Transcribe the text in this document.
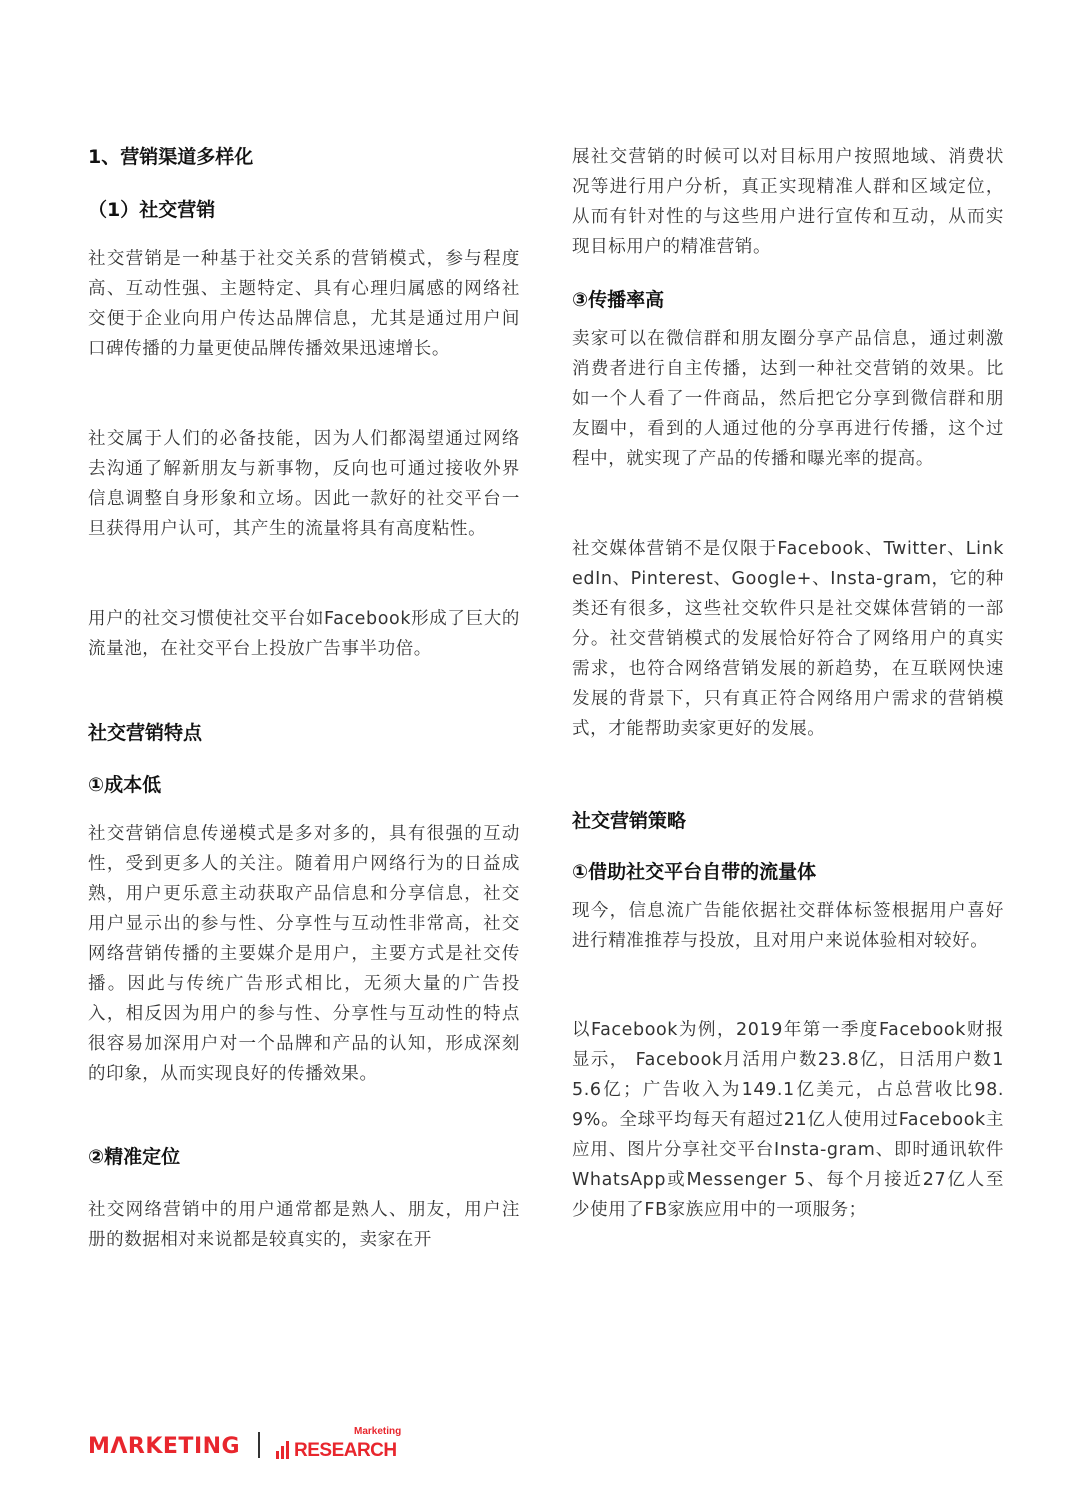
1、营销渠道多样化
（1）社交营销

社交营销是一种基于社交关系的营销模式，参与程度高、互动性强、主题特定、具有心理归属感的网络社交便于企业向用户传达品牌信息，尤其是通过用户间口碑传播的力量更使品牌传播效果迅速增长。

社交属于人们的必备技能，因为人们都渴望通过网络去沟通了解新朋友与新事物，反向也可通过接收外界信息调整自身形象和立场。因此一款好的社交平台一旦获得用户认可，其产生的流量将具有高度粘性。

用户的社交习惯使社交平台如Facebook形成了巨大的流量池，在社交平台上投放广告事半功倍。

社交营销特点
①成本低

社交营销信息传递模式是多对多的，具有很强的互动性，受到更多人的关注。随着用户网络行为的日益成熟，用户更乐意主动获取产品信息和分享信息，社交用户显示出的参与性、分享性与互动性非常高，社交网络营销传播的主要媒介是用户，主要方式是社交传播。因此与传统广告形式相比，无须大量的广告投入，相反因为用户的参与性、分享性与互动性的特点很容易加深用户对一个品牌和产品的认知，形成深刻的印象，从而实现良好的传播效果。

②精准定位

社交网络营销中的用户通常都是熟人、朋友，用户注册的数据相对来说都是较真实的，卖家在开

展社交营销的时候可以对目标用户按照地域、消费状况等进行用户分析，真正实现精准人群和区域定位，从而有针对性的与这些用户进行宣传和互动，从而实现目标用户的精准营销。

③传播率高

卖家可以在微信群和朋友圈分享产品信息，通过刺激消费者进行自主传播，达到一种社交营销的效果。比如一个人看了一件商品，然后把它分享到微信群和朋友圈中，看到的人通过他的分享再进行传播，这个过程中，就实现了产品的传播和曝光率的提高。

社交媒体营销不是仅限于Facebook、Twitter、LinkedIn、Pinterest、Google+、Insta-gram，它的种类还有很多，这些社交软件只是社交媒体营销的一部分。社交营销模式的发展恰好符合了网络用户的真实需求，也符合网络营销发展的新趋势，在互联网快速发展的背景下，只有真正符合网络用户需求的营销模式，才能帮助卖家更好的发展。

社交营销策略
①借助社交平台自带的流量体

现今，信息流广告能依据社交群体标签根据用户喜好进行精准推荐与投放，且对用户来说体验相对较好。

以Facebook为例，2019年第一季度Facebook财报显示， Facebook月活用户数23.8亿，日活用户数15.6亿；广告收入为149.1亿美元，占总营收比98.9%。全球平均每天有超过21亿人使用过Facebook主应用、图片分享社交平台Insta-gram、即时通讯软件WhatsApp或Messenger 5、每个月接近27亿人至少使用了FB家族应用中的一项服务；

MɅRKETING	RESEARCH
Marketing
